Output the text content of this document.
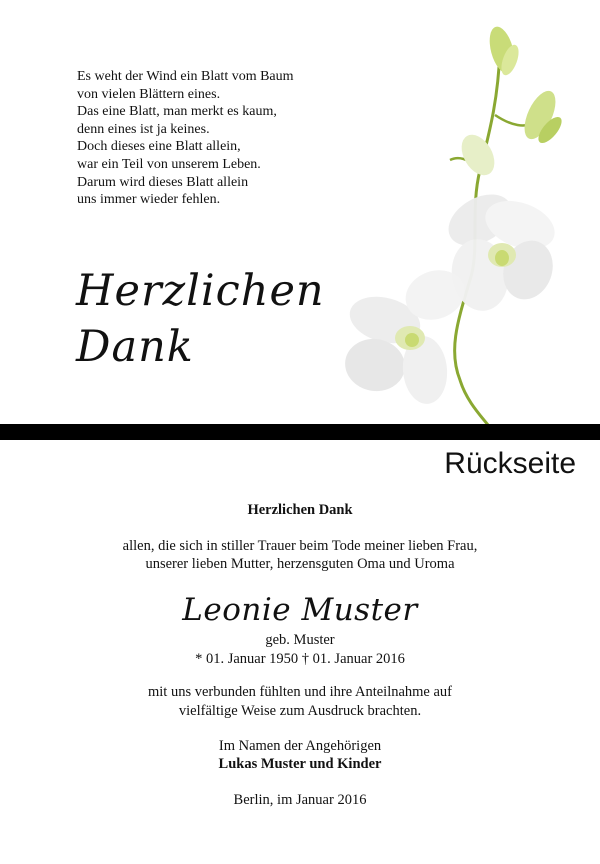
Es weht der Wind ein Blatt vom Baum
von vielen Blättern eines.
Das eine Blatt, man merkt es kaum,
denn eines ist ja keines.
Doch dieses eine Blatt allein,
war ein Teil von unserem Leben.
Darum wird dieses Blatt allein
uns immer wieder fehlen.
Herzlichen
Dank
Rückseite
Herzlichen Dank
allen, die sich in stiller Trauer beim Tode meiner lieben Frau,
unserer lieben Mutter, herzensguten Oma und Uroma
Leonie Muster
geb. Muster
* 01. Januar 1950 † 01. Januar 2016
mit uns verbunden fühlten und ihre Anteilnahme auf
vielfältige Weise zum Ausdruck brachten.
Im Namen der Angehörigen
Lukas Muster und Kinder
Berlin, im Januar 2016
